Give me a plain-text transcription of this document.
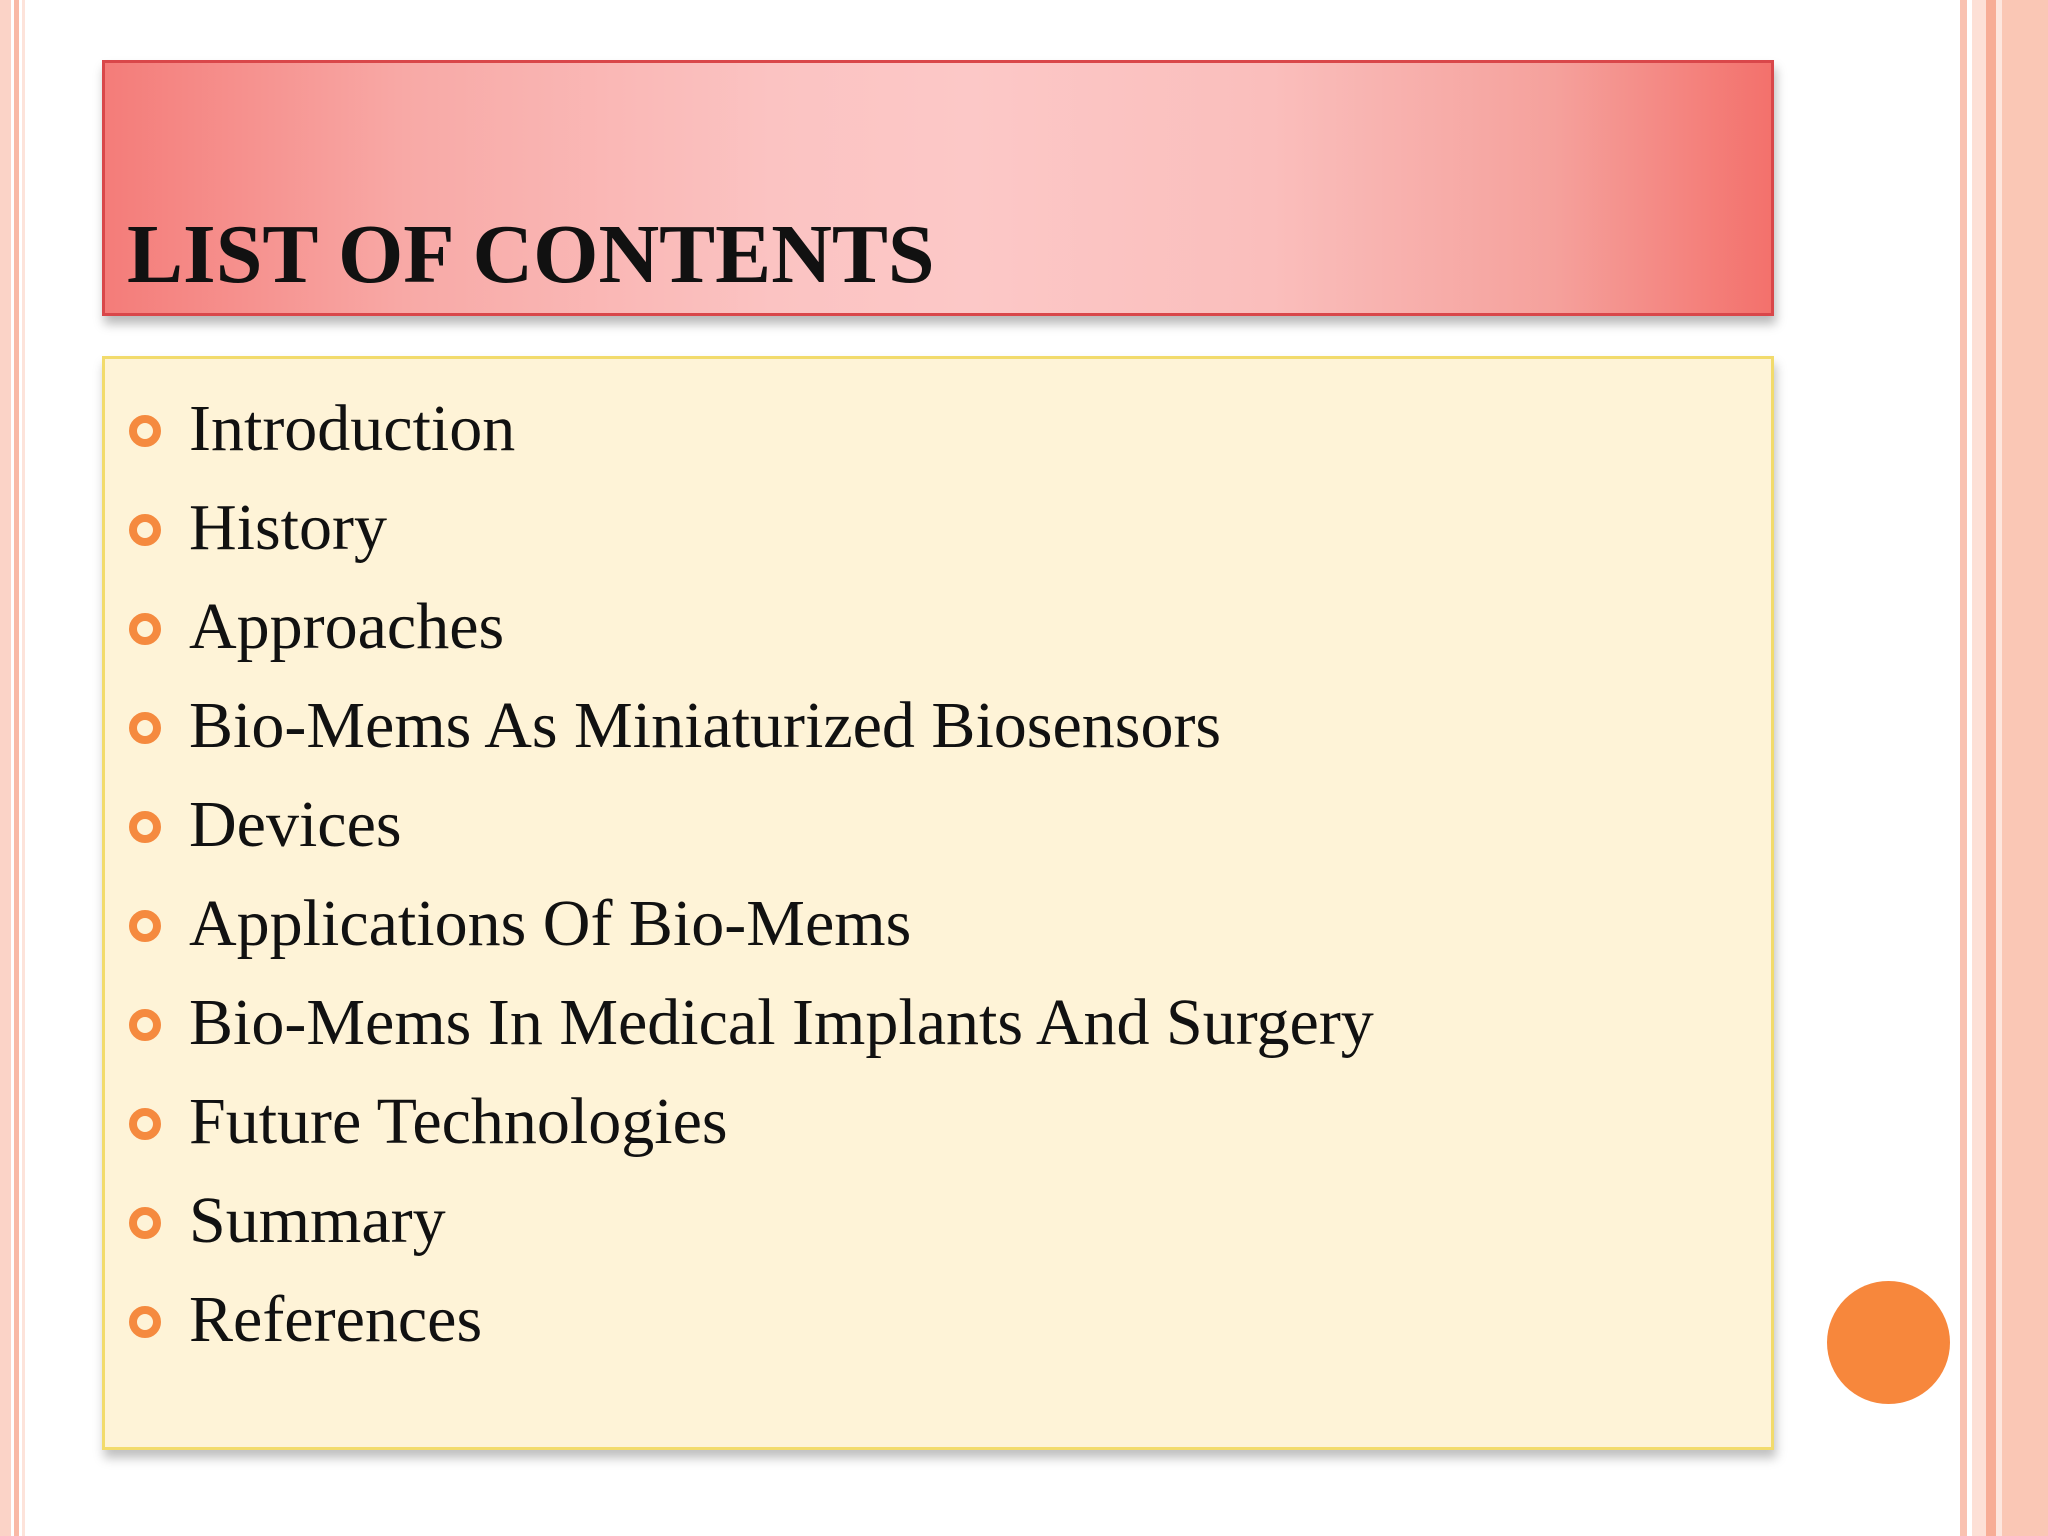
LIST OF CONTENTS
Introduction
History
Approaches
Bio-Mems As Miniaturized Biosensors
Devices
Applications Of Bio-Mems
Bio-Mems In Medical Implants And Surgery
Future Technologies
Summary
References
